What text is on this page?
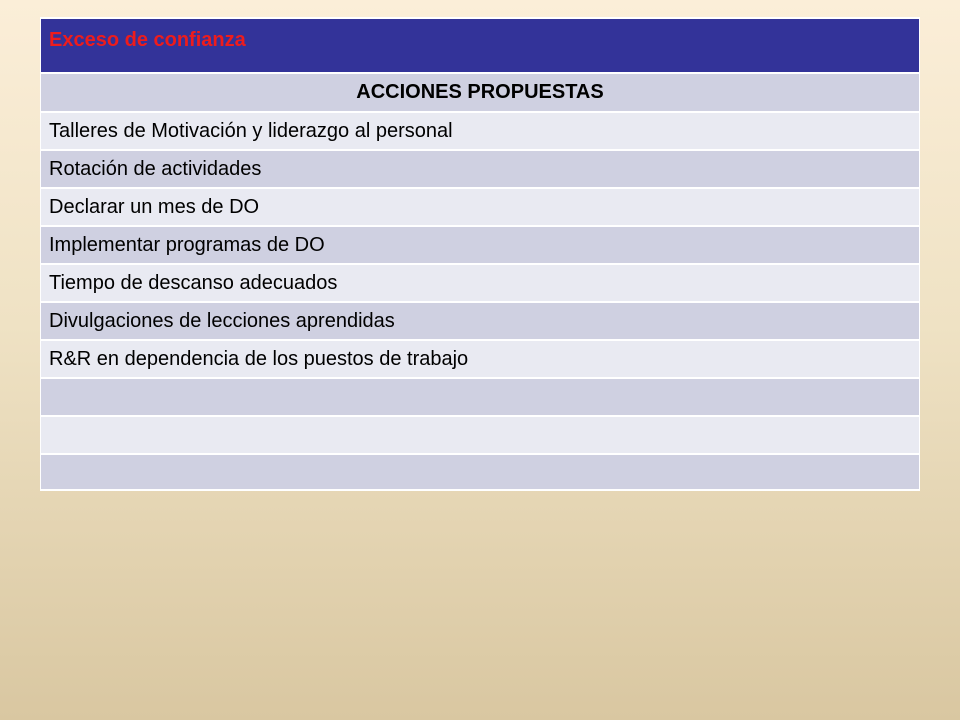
Exceso de confianza
ACCIONES PROPUESTAS
Talleres de Motivación y liderazgo al personal
Rotación de actividades
Declarar un mes de DO
Implementar programas de DO
Tiempo de descanso adecuados
Divulgaciones de lecciones aprendidas
R&R en dependencia de los puestos de trabajo
